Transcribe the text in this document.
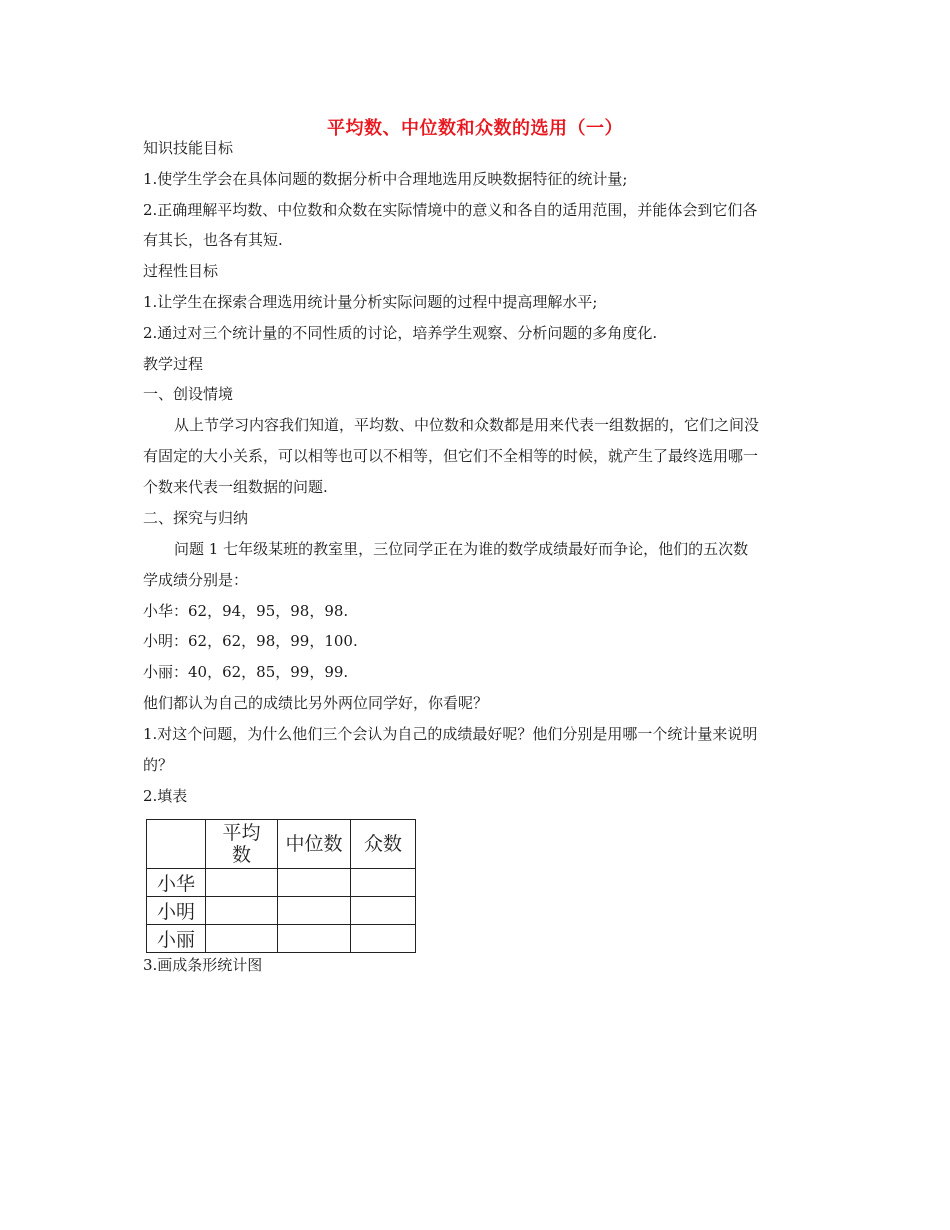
平均数、中位数和众数的选用（一）
知识技能目标
1.使学生学会在具体问题的数据分析中合理地选用反映数据特征的统计量;
2.正确理解平均数、中位数和众数在实际情境中的意义和各自的适用范围，并能体会到它们各
有其长，也各有其短.
过程性目标
1.让学生在探索合理选用统计量分析实际问题的过程中提高理解水平;
2.通过对三个统计量的不同性质的讨论，培养学生观察、分析问题的多角度化.
教学过程
一、创设情境
从上节学习内容我们知道，平均数、中位数和众数都是用来代表一组数据的，它们之间没
有固定的大小关系，可以相等也可以不相等，但它们不全相等的时候，就产生了最终选用哪一
个数来代表一组数据的问题.
二、探究与归纳
问题 1 七年级某班的教室里，三位同学正在为谁的数学成绩最好而争论，他们的五次数
学成绩分别是：
小华：62，94，95，98，98.
小明：62，62，98，99，100.
小丽：40，62，85，99，99.
他们都认为自己的成绩比另外两位同学好，你看呢？
1.对这个问题，为什么他们三个会认为自己的成绩最好呢？他们分别是用哪一个统计量来说明
的？
2.填表
	平均
数	中位数	众数
小华			
小明			
小丽			
3.画成条形统计图
